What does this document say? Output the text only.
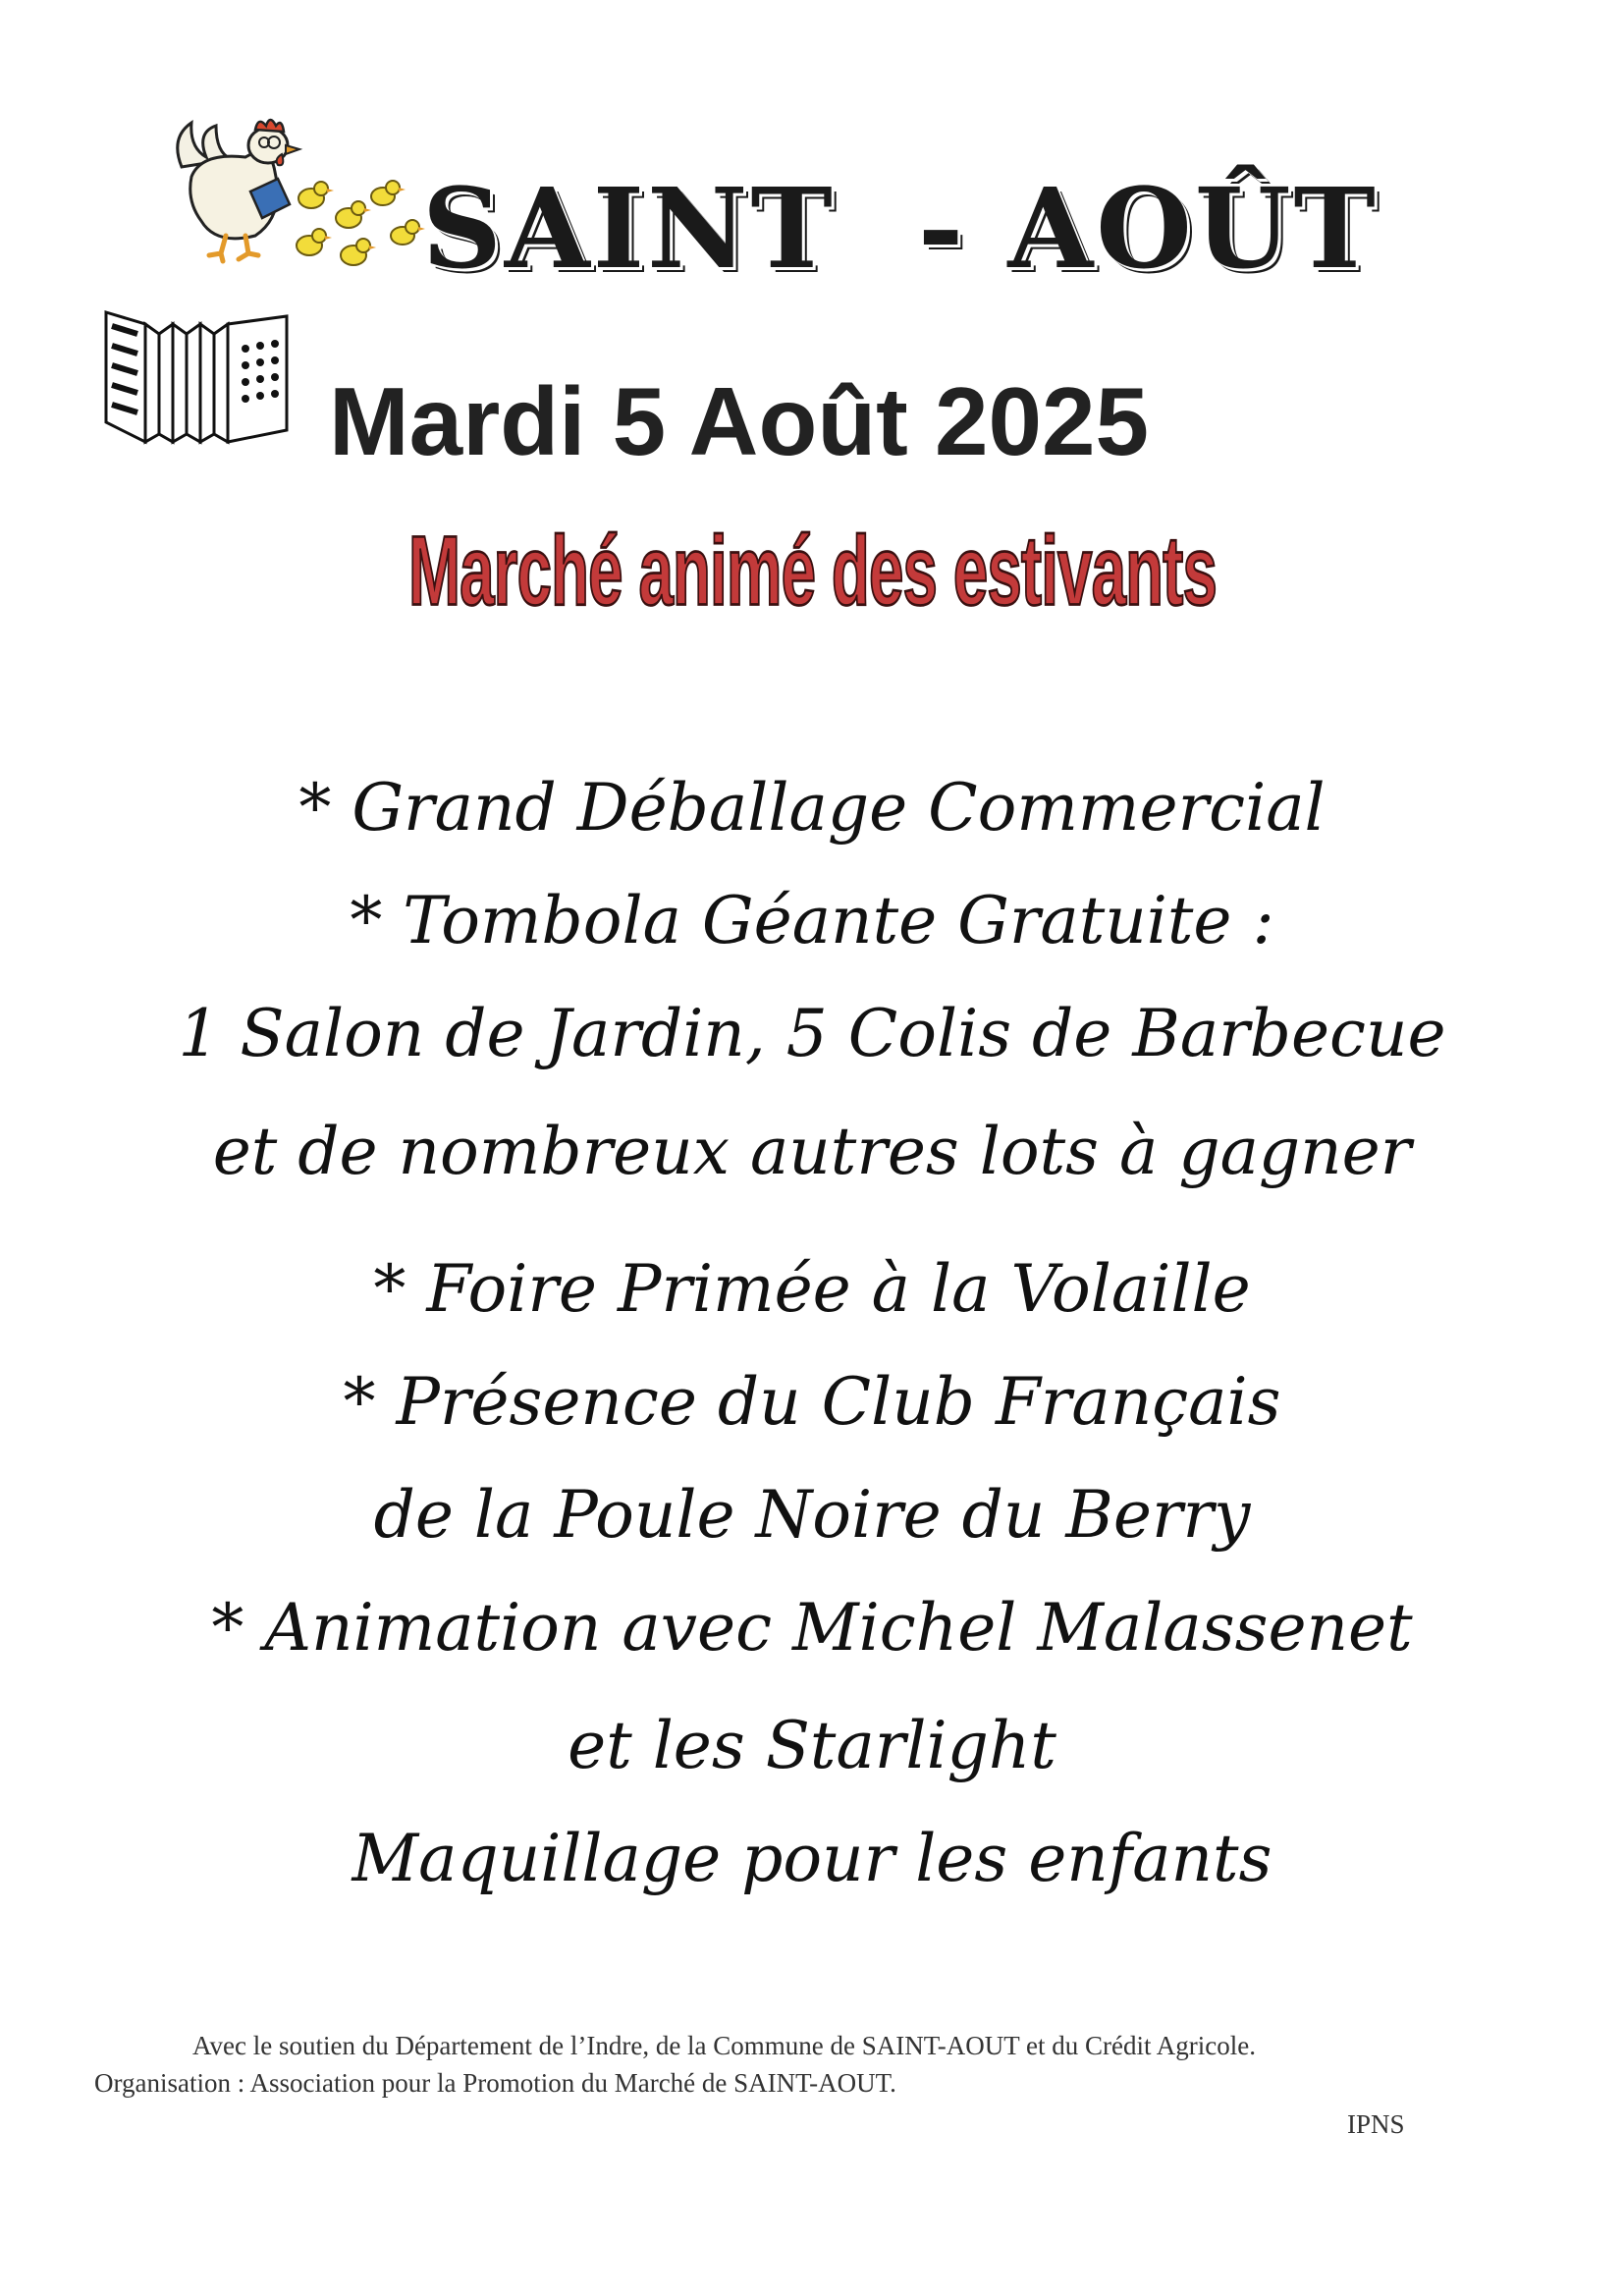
SAINT  - AOÛT
Mardi 5 Août 2025
Marché animé des estivants
* Grand Déballage Commercial
* Tombola Géante Gratuite :
1 Salon de Jardin, 5 Colis de Barbecue
et de nombreux autres lots à gagner
* Foire Primée à la Volaille
* Présence du Club Français
de la Poule Noire du Berry
* Animation avec Michel Malassenet
et les Starlight
Maquillage pour les enfants
Avec le soutien du Département de l’Indre, de la Commune de SAINT-AOUT et du Crédit Agricole.
Organisation : Association pour la Promotion du Marché de SAINT-AOUT.
IPNS
